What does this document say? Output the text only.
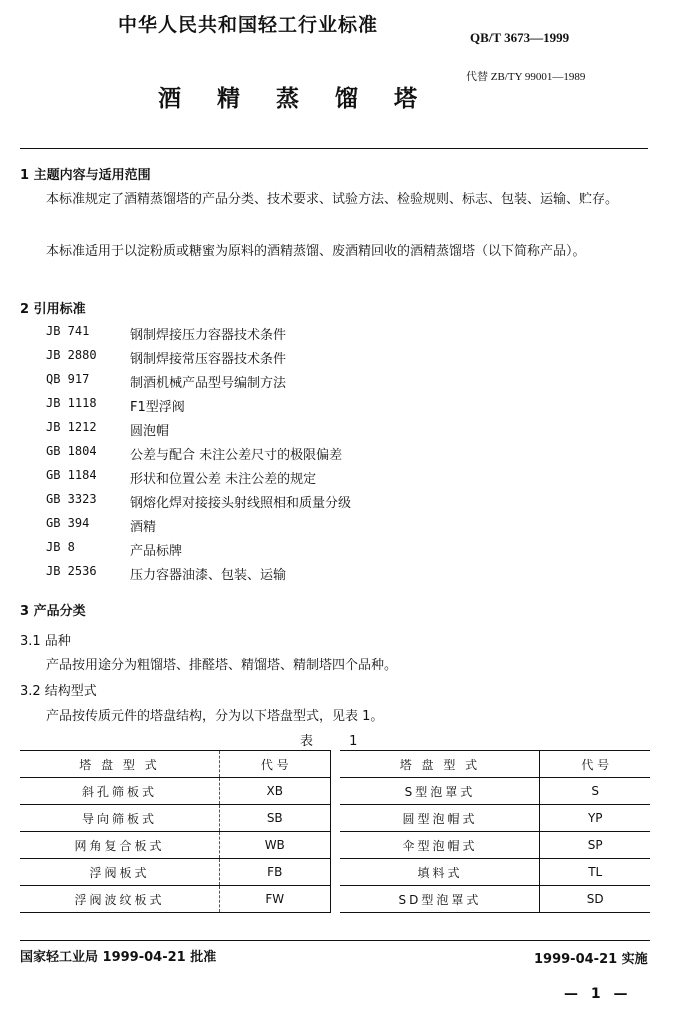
中华人民共和国轻工行业标准
QB/T 3673—1999
代替 ZB/TY 99001—1989
酒 精 蒸 馏 塔
1 主题内容与适用范围
本标准规定了酒精蒸馏塔的产品分类、技术要求、试验方法、检验规则、标志、包装、运输、贮存。
本标准适用于以淀粉质或糖蜜为原料的酒精蒸馏、废酒精回收的酒精蒸馏塔（以下简称产品）。
2 引用标准
JB 741	钢制焊接压力容器技术条件
JB 2880	钢制焊接常压容器技术条件
QB 917	制酒机械产品型号编制方法
JB 1118	F1型浮阀
JB 1212	圆泡帽
GB 1804	公差与配合 未注公差尺寸的极限偏差
GB 1184	形状和位置公差 未注公差的规定
GB 3323	钢熔化焊对接接头射线照相和质量分级
GB 394	酒精
JB 8	产品标牌
JB 2536	压力容器油漆、包装、运输
3 产品分类
3.1 品种
产品按用途分为粗馏塔、排醛塔、精馏塔、精制塔四个品种。
3.2 结构型式
产品按传质元件的塔盘结构，分为以下塔盘型式，见表 1。
表 1
塔 盘 型 式	代 号		塔 盘 型 式	代 号
斜孔筛板式	XB		S型泡罩式	S
导向筛板式	SB		圆型泡帽式	YP
网角复合板式	WB		伞型泡帽式	SP
浮阀板式	FB		填料式	TL
浮阀波纹板式	FW		SD型泡罩式	SD
国家轻工业局 1999-04-21 批准	1999-04-21 实施
— 1 —
